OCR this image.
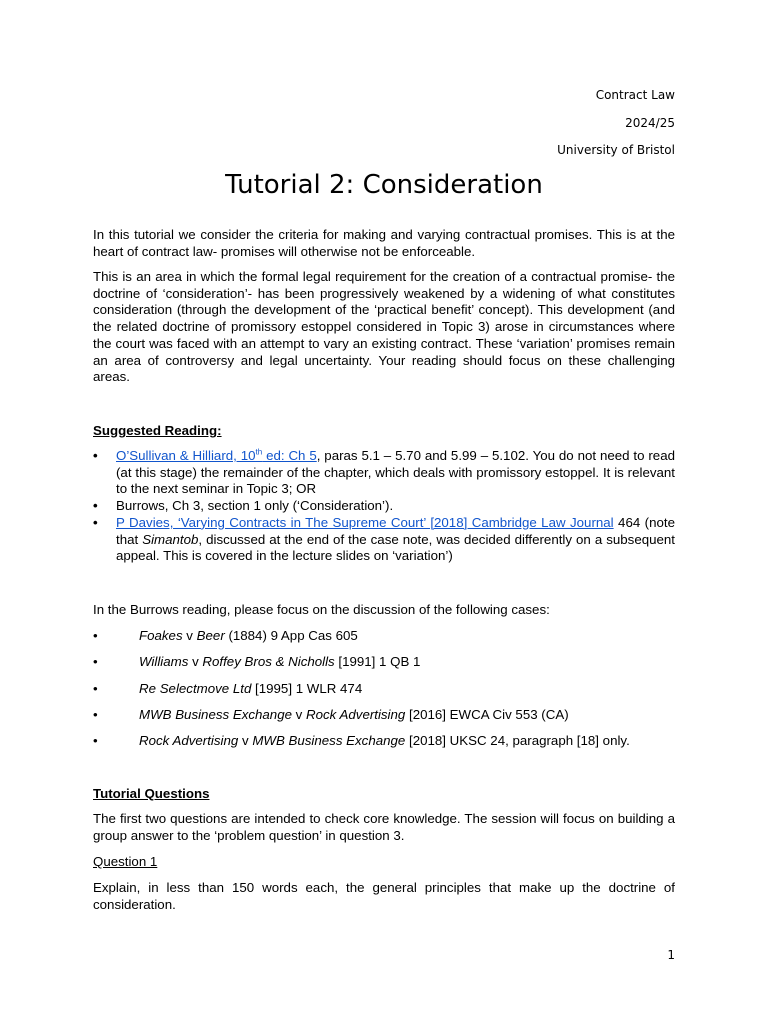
Contract Law
2024/25
University of Bristol
Tutorial 2: Consideration
In this tutorial we consider the criteria for making and varying contractual promises. This is at the heart of contract law- promises will otherwise not be enforceable.
This is an area in which the formal legal requirement for the creation of a contractual promise- the doctrine of ‘consideration’- has been progressively weakened by a widening of what constitutes consideration (through the development of the ‘practical benefit’ concept). This development (and the related doctrine of promissory estoppel considered in Topic 3) arose in circumstances where the court was faced with an attempt to vary an existing contract. These ‘variation’ promises remain an area of controversy and legal uncertainty. Your reading should focus on these challenging areas.
Suggested Reading:
• O’Sullivan & Hilliard, 10th ed: Ch 5, paras 5.1 – 5.70 and 5.99 – 5.102. You do not need to read (at this stage) the remainder of the chapter, which deals with promissory estoppel. It is relevant to the next seminar in Topic 3; OR
• Burrows, Ch 3, section 1 only (‘Consideration’).
• P Davies, ‘Varying Contracts in The Supreme Court’ [2018] Cambridge Law Journal 464 (note that Simantob, discussed at the end of the case note, was decided differently on a subsequent appeal. This is covered in the lecture slides on ‘variation’)
In the Burrows reading, please focus on the discussion of the following cases:
•	Foakes v Beer (1884) 9 App Cas 605
•	Williams v Roffey Bros & Nicholls [1991] 1 QB 1
•	Re Selectmove Ltd [1995] 1 WLR 474
•	MWB Business Exchange v Rock Advertising [2016] EWCA Civ 553 (CA)
•	Rock Advertising v MWB Business Exchange [2018] UKSC 24, paragraph [18] only.
Tutorial Questions
The first two questions are intended to check core knowledge. The session will focus on building a group answer to the ‘problem question’ in question 3.
Question 1
Explain, in less than 150 words each, the general principles that make up the doctrine of consideration.
1
